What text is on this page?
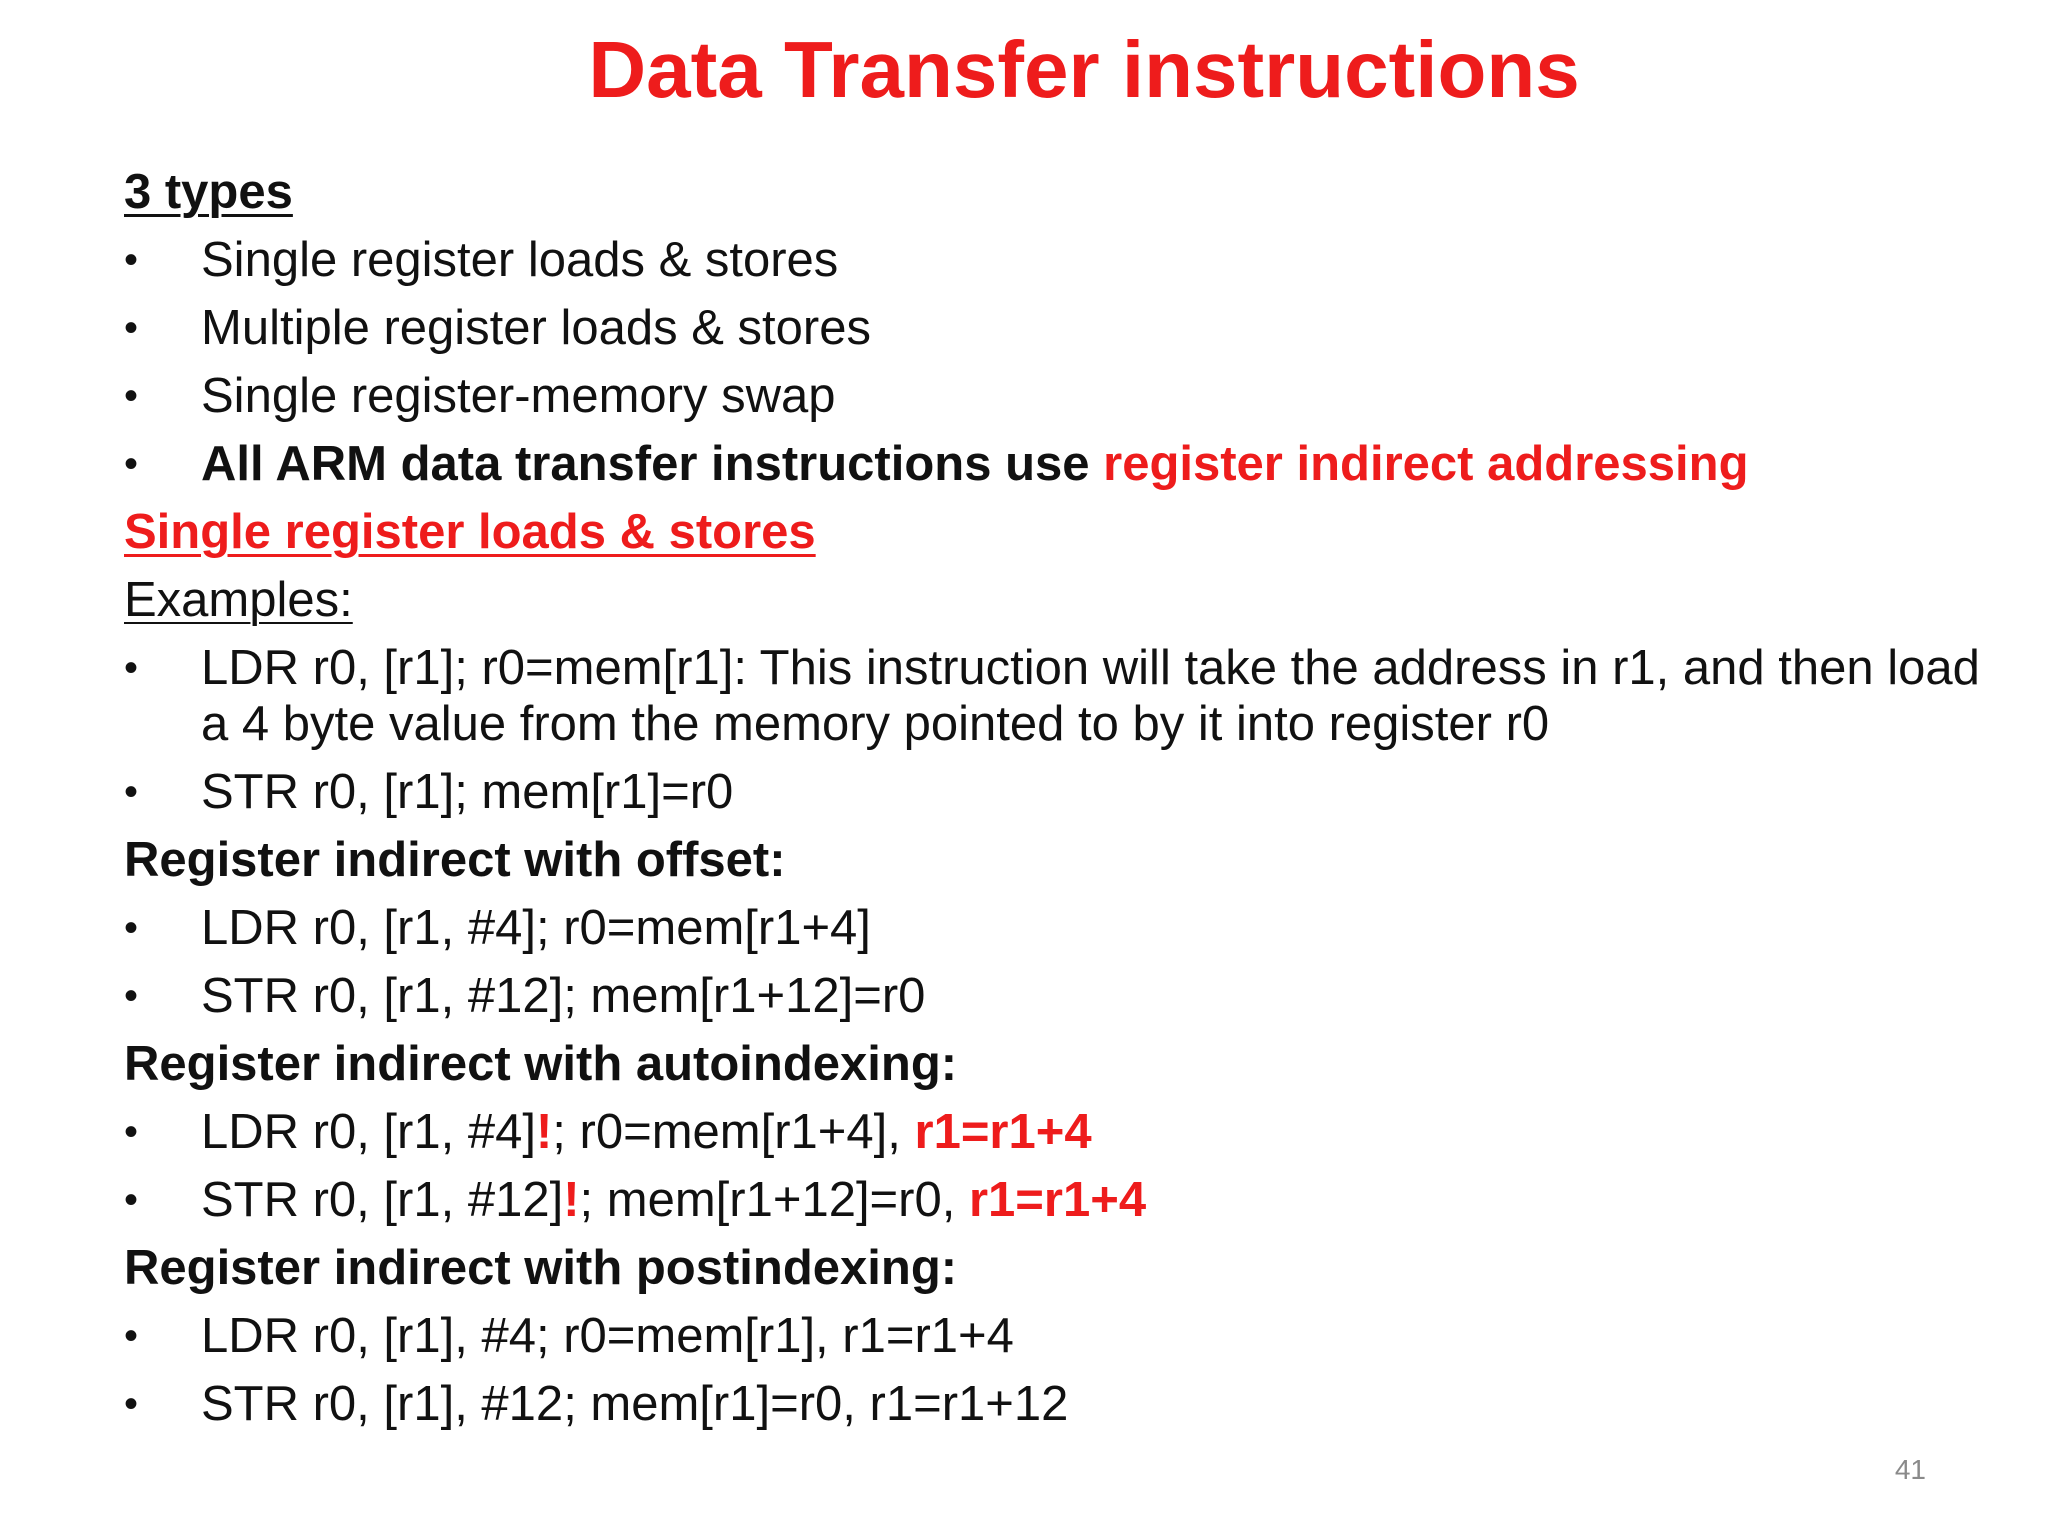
Data Transfer instructions
3 types
•	Single register loads & stores
•	Multiple register loads & stores
•	Single register-memory swap
•	All ARM data transfer instructions use register indirect addressing
Single register loads & stores
Examples:
•	LDR r0, [r1]; r0=mem[r1]: This instruction will take the address in r1, and then load a 4 byte value from the memory pointed to by it into register r0
•	STR r0, [r1]; mem[r1]=r0
Register indirect with offset:
•	LDR r0, [r1, #4]; r0=mem[r1+4]
•	STR r0, [r1, #12]; mem[r1+12]=r0
Register indirect with autoindexing:
•	LDR r0, [r1, #4]!; r0=mem[r1+4], r1=r1+4
•	STR r0, [r1, #12]!; mem[r1+12]=r0, r1=r1+4
Register indirect with postindexing:
•	LDR r0, [r1], #4; r0=mem[r1], r1=r1+4
•	STR r0, [r1], #12; mem[r1]=r0, r1=r1+12
41
